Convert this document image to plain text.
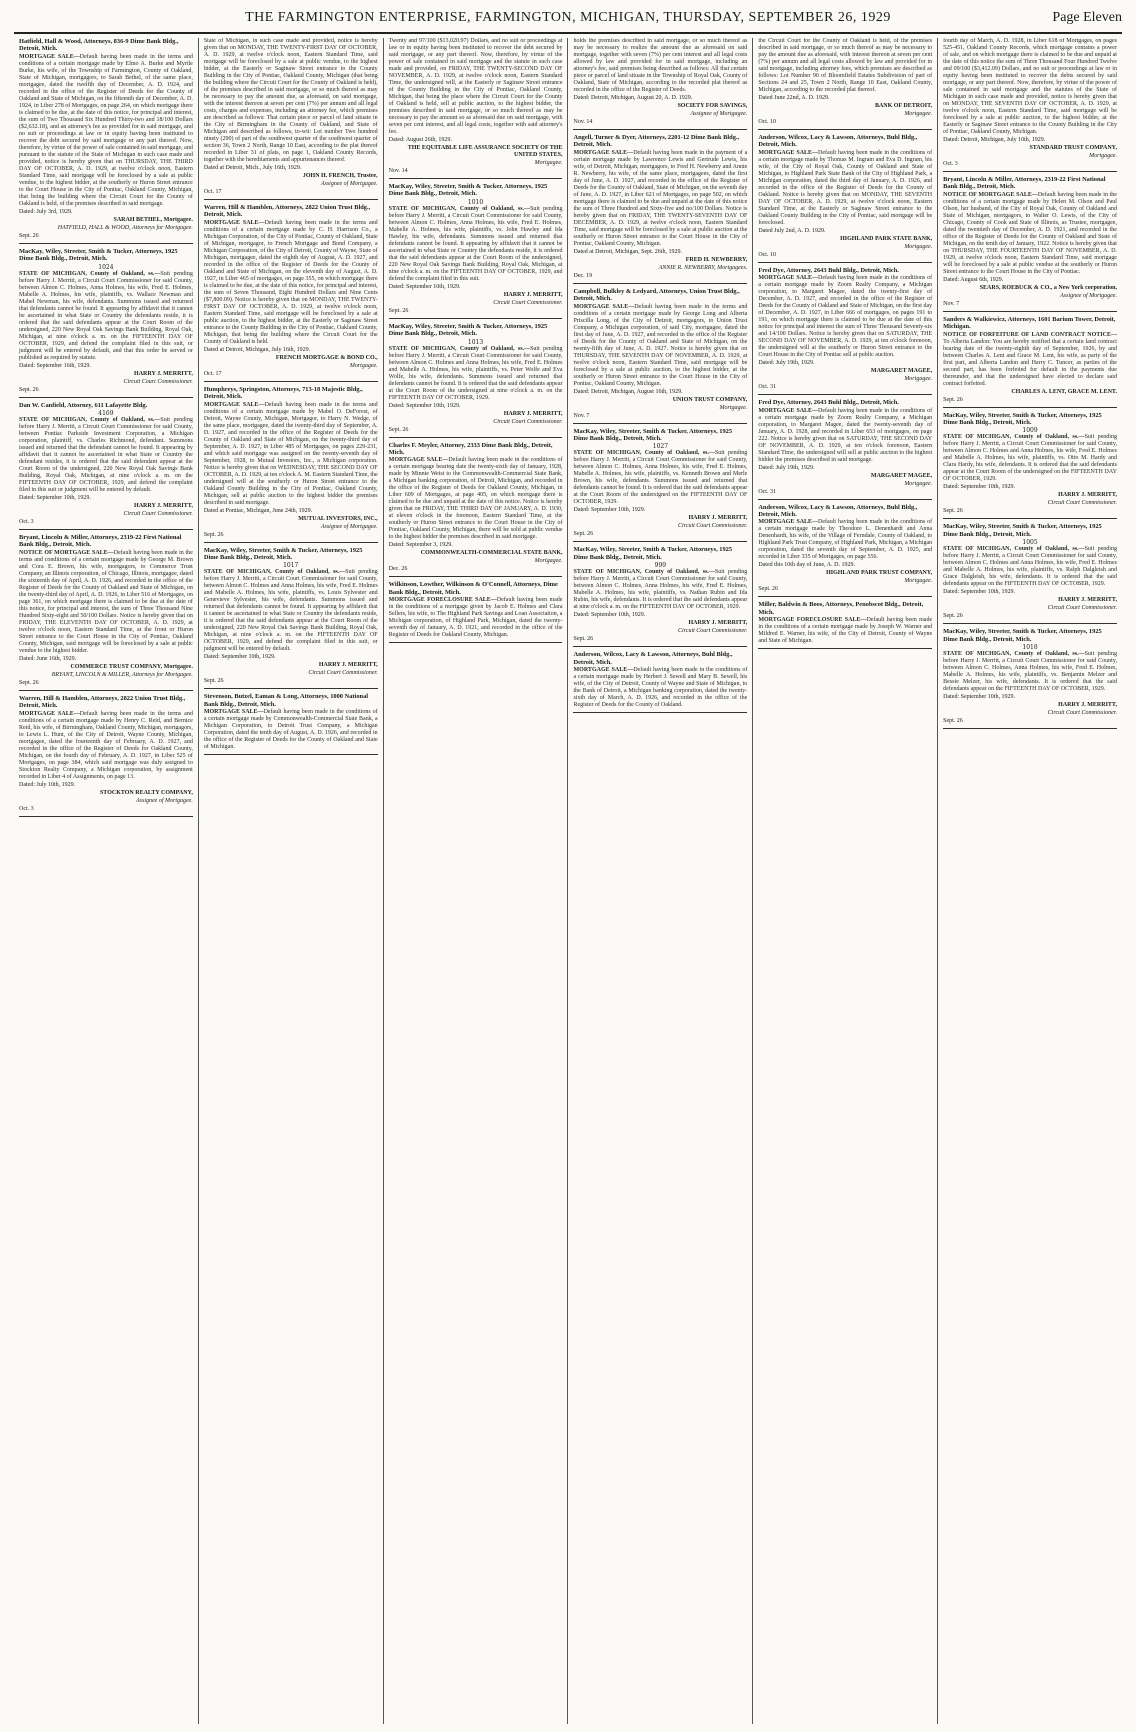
THE FARMINGTON ENTERPRISE, FARMINGTON, MICHIGAN, THURSDAY, SEPTEMBER 26, 1929	Page Eleven

Hatfield, Hall & Wood, Attorneys, 836-9 Dime Bank Bldg., Detroit, Mich.

MORTGAGE SALE—Default having been made in the terms and conditions of a certain mortgage made by Elmo A. Burke and Myrtle Burke, his wife, of the Township of Farmington, County of Oakland, State of Michigan, mortgagors, to Sarah Bethel, of the same place, mortgagee, dated the twelfth day of December, A. D. 1924, and recorded in the office of the Register of Deeds for the County of Oakland and State of Michigan, on the fifteenth day of December, A. D. 1924, in Liber 278 of Mortgages, on page 264, on which mortgage there is claimed to be due, at the date of this notice, for principal and interest, the sum of Two Thousand Six Hundred Thirty-two and 18/100 Dollars ($2,632.18), and an attorney's fee as provided for in said mortgage, and no suit or proceedings at law or in equity having been instituted to recover the debt secured by said mortgage or any part thereof. Now, therefore, by virtue of the power of sale contained in said mortgage, and pursuant to the statute of the State of Michigan in such case made and provided, notice is hereby given that on THURSDAY, THE THIRD DAY OF OCTOBER, A. D. 1929, at twelve o'clock noon, Eastern Standard Time, said mortgage will be foreclosed by a sale at public vendue, to the highest bidder, at the southerly or Huron Street entrance to the Court House in the City of Pontiac, Oakland County, Michigan, that being the building where the Circuit Court for the County of Oakland is held, of the premises described in said mortgage.

Dated: July 3rd, 1929.

SARAH BETHEL, Mortgagee.

HATFIELD, HALL & WOOD, Attorneys for Mortgagee.

Sept. 26

MacKay, Wiley, Streeter, Smith & Tucker, Attorneys, 1925 Dime Bank Bldg., Detroit, Mich.

1024

STATE OF MICHIGAN, County of Oakland, ss.—Suit pending before Harry J. Merritt, a Circuit Court Commissioner for said County, between Almon C. Holmes, Anna Holmes, his wife, Fred E. Holmes, Mabelle A. Holmes, his wife, plaintiffs, vs. Wallace Newman and Mabel Newman, his wife, defendants. Summons issued and returned that defendants cannot be found. It appearing by affidavit that it cannot be ascertained in what State or Country the defendants reside, it is ordered that the said defendants appear at the Court Room of the undersigned, 220 New Royal Oak Savings Bank Building, Royal Oak, Michigan, at nine o'clock a. m. on the FIFTEENTH DAY OF OCTOBER, 1929, and defend the complaint filed in this suit, or judgment will be entered by default, and that this order be served or published as required by statute.

Dated: September 16th, 1929.

HARRY J. MERRITT,

Circuit Court Commissioner.

Sept. 26

Dan W. Canfield, Attorney, 611 Lafayette Bldg.

4169

STATE OF MICHIGAN, County of Oakland, ss.—Suit pending before Harry J. Merritt, a Circuit Court Commissioner for said County, between Pontiac Parkside Investment Corporation, a Michigan corporation, plaintiff, vs. Charles Richmond, defendant. Summons issued and returned that the defendant cannot be found. It appearing by affidavit that it cannot be ascertained in what State or Country the defendant resides, it is ordered that the said defendant appear at the Court Room of the undersigned, 220 New Royal Oak Savings Bank Building, Royal Oak, Michigan, at nine o'clock a. m. on the FIFTEENTH DAY OF OCTOBER, 1929, and defend the complaint filed in this suit or judgment will be entered by default.

Dated: September 10th, 1929.

HARRY J. MERRITT,

Circuit Court Commissioner.

Oct. 3

Bryant, Lincoln & Miller, Attorneys, 2319-22 First National Bank Bldg., Detroit, Mich.

NOTICE OF MORTGAGE SALE—Default having been made in the terms and conditions of a certain mortgage made by George M. Brown and Cora E. Brown, his wife, mortgagors, to Commerce Trust Company, an Illinois corporation, of Chicago, Illinois, mortgagee, dated the sixteenth day of April, A. D. 1926, and recorded in the office of the Register of Deeds for the County of Oakland and State of Michigan, on the twenty-third day of April, A. D. 1926, in Liber 516 of Mortgages, on page 361, on which mortgage there is claimed to be due at the date of this notice, for principal and interest, the sum of Three Thousand Nine Hundred Sixty-eight and 50/100 Dollars. Notice is hereby given that on FRIDAY, THE ELEVENTH DAY OF OCTOBER, A. D. 1929, at twelve o'clock noon, Eastern Standard Time, at the front or Huron Street entrance to the Court House in the City of Pontiac, Oakland County, Michigan, said mortgage will be foreclosed by a sale at public vendue to the highest bidder.

Dated: June 16th, 1929.

COMMERCE TRUST COMPANY, Mortgagee.

BRYANT, LINCOLN & MILLER, Attorneys for Mortgagee.

Sept. 26

Warren, Hill & Hamblen, Attorneys, 2822 Union Trust Bldg., Detroit, Mich.

MORTGAGE SALE—Default having been made in the terms and conditions of a certain mortgage made by Henry C. Reid, and Bernice Reid, his wife, of Birmingham, Oakland County, Michigan, mortgagors, to Lewis L. Hunt, of the City of Detroit, Wayne County, Michigan, mortgagee, dated the fourteenth day of February, A. D. 1927, and recorded in the office of the Register of Deeds for Oakland County, Michigan, on the fourth day of February, A. D. 1927, in Liber 525 of Mortgages, on page 384, which said mortgage was duly assigned to Stockton Realty Company, a Michigan corporation, by assignment recorded in Liber 4 of Assignments, on page 13.

Dated: July 10th, 1929.

STOCKTON REALTY COMPANY,

Assignee of Mortgagee.

Oct. 3

State of Michigan, in such case made and provided, notice is hereby given that on MONDAY, THE TWENTY-FIRST DAY OF OCTOBER, A. D. 1929, at twelve o'clock noon, Eastern Standard Time, said mortgage will be foreclosed by a sale at public vendue, to the highest bidder, at the Easterly or Saginaw Street entrance to the County Building in the City of Pontiac, Oakland County, Michigan (that being the building where the Circuit Court for the County of Oakland is held), of the premises described in said mortgage, or so much thereof as may be necessary to pay the amount due, as aforesaid, on said mortgage, with the interest thereon at seven per cent (7%) per annum and all legal costs, charges and expenses, including an attorney fee, which premises are described as follows: That certain piece or parcel of land situate in the City of Birmingham in the County of Oakland, and State of Michigan and described as follows, to-wit: Lot number Two hundred ninety (290) of part of the southwest quarter of the southwest quarter of section 36, Town 2 North, Range 10 East, according to the plat thereof recorded in Liber 31 of plats, on page 1, Oakland County Records, together with the hereditaments and appurtenances thereof.

Dated at Detroit, Mich., July 16th, 1929.

JOHN H. FRENCH, Trustee,

Assignee of Mortgagee.

Oct. 17

Warren, Hill & Hamblen, Attorneys, 2822 Union Trust Bldg., Detroit, Mich.

MORTGAGE SALE—Default having been made in the terms and conditions of a certain mortgage made by C. H. Harrison Co., a Michigan Corporation, of the City of Pontiac, County of Oakland, State of Michigan, mortgagor, to French Mortgage and Bond Company, a Michigan Corporation, of the City of Detroit, County of Wayne, State of Michigan, mortgagee, dated the eighth day of August, A. D. 1927, and recorded in the office of the Register of Deeds for the County of Oakland and State of Michigan, on the eleventh day of August, A. D. 1927, in Liber 465 of mortgages, on page 355, on which mortgage there is claimed to be due, at the date of this notice, for principal and interest, the sum of Seven Thousand, Eight Hundred Dollars and Nine Cents ($7,800.09). Notice is hereby given that on MONDAY, THE TWENTY-FIRST DAY OF OCTOBER, A. D. 1929, at twelve o'clock noon, Eastern Standard Time, said mortgage will be foreclosed by a sale at public auction, to the highest bidder, at the Easterly or Saginaw Street entrance to the County Building in the City of Pontiac, Oakland County, Michigan, that being the building where the Circuit Court for the County of Oakland is held.

Dated at Detroit, Michigan, July 16th, 1929.

FRENCH MORTGAGE & BOND CO.,

Mortgagee.

Oct. 17

Humphreys, Springston, Attorneys, 713-18 Majestic Bldg., Detroit, Mich.

MORTGAGE SALE—Default having been made in the terms and conditions of a certain mortgage made by Mabel O. DeForest, of Detroit, Wayne County, Michigan, Mortgagor, to Harry N. Wedge, of the same place, mortgagee, dated the twenty-third day of September, A. D. 1927, and recorded in the office of the Register of Deeds for the County of Oakland and State of Michigan, on the twenty-third day of September, A. D. 1927, in Liber 485 of Mortgages, on pages 229-231, and which said mortgage was assigned on the twenty-seventh day of September, 1928, to Mutual Investors, Inc., a Michigan corporation. Notice is hereby given that on WEDNESDAY, THE SECOND DAY OF OCTOBER, A. D. 1929, at ten o'clock A. M. Eastern Standard Time, the undersigned will at the southerly or Huron Street entrance to the Oakland County Building in the City of Pontiac, Oakland County, Michigan, sell at public auction to the highest bidder the premises described in said mortgage.

Dated at Pontiac, Michigan, June 24th, 1929.

MUTUAL INVESTORS, INC.,

Assignee of Mortgagee.

Sept. 26

MacKay, Wiley, Streeter, Smith & Tucker, Attorneys, 1925 Dime Bank Bldg., Detroit, Mich.

1017

STATE OF MICHIGAN, County of Oakland, ss.—Suit pending before Harry J. Merritt, a Circuit Court Commissioner for said County, between Almon C. Holmes and Anna Holmes, his wife, Fred E. Holmes and Mabelle A. Holmes, his wife, plaintiffs, vs. Louis Sylvester and Genevieve Sylvester, his wife, defendants. Summons issued and returned that defendants cannot be found. It appearing by affidavit that it cannot be ascertained in what State or Country the defendants reside, it is ordered that the said defendants appear at the Court Room of the undersigned, 220 New Royal Oak Savings Bank Building, Royal Oak, Michigan, at nine o'clock a. m. on the FIFTEENTH DAY OF OCTOBER, 1929, and defend the complaint filed in this suit, or judgment will be entered by default.

Dated: September 10th, 1929.

HARRY J. MERRITT,

Circuit Court Commissioner.

Sept. 26

Stevenson, Butzel, Eaman & Long, Attorneys, 1000 National Bank Bldg., Detroit, Mich.

MORTGAGE SALE—Default having been made in the conditions of a certain mortgage made by Commonwealth-Commercial State Bank, a Michigan Corporation, to Detroit Trust Company, a Michigan Corporation, dated the tenth day of August, A. D. 1926, and recorded in the office of the Register of Deeds for the County of Oakland and State of Michigan.

Twenty and 97/100 ($13,020.97) Dollars, and no suit or proceedings at law or in equity having been instituted to recover the debt secured by said mortgage, or any part thereof. Now, therefore, by virtue of the power of sale contained in said mortgage and the statute in such case made and provided, on FRIDAY, THE TWENTY-SECOND DAY OF NOVEMBER, A. D. 1929, at twelve o'clock noon, Eastern Standard Time, the undersigned will, at the Easterly or Saginaw Street entrance of the County Building in the City of Pontiac, Oakland County, Michigan, that being the place where the Circuit Court for the County of Oakland is held, sell at public auction, to the highest bidder, the premises described in said mortgage, or so much thereof as may be necessary to pay the amount so as aforesaid due on said mortgage, with seven per cent interest, and all legal costs, together with said attorney's fee.

Dated: August 26th, 1929.

THE EQUITABLE LIFE ASSURANCE SOCIETY OF THE UNITED STATES,

Mortgagee.

Nov. 14

MacKay, Wiley, Streeter, Smith & Tucker, Attorneys, 1925 Dime Bank Bldg., Detroit, Mich.

1010

STATE OF MICHIGAN, County of Oakland, ss.—Suit pending before Harry J. Merritt, a Circuit Court Commissioner for said County, between Almon C. Holmes, Anna Holmes, his wife, Fred E. Holmes, Mabelle A. Holmes, his wife, plaintiffs, vs. John Hawley and Ida Hawley, his wife, defendants. Summons issued and returned that defendants cannot be found. It appearing by affidavit that it cannot be ascertained in what State or Country the defendants reside, it is ordered that the said defendants appear at the Court Room of the undersigned, 220 New Royal Oak Savings Bank Building, Royal Oak, Michigan, at nine o'clock a. m. on the FIFTEENTH DAY OF OCTOBER, 1929, and defend the complaint filed in this suit.

Dated: September 10th, 1929.

HARRY J. MERRITT,

Circuit Court Commissioner.

Sept. 26

MacKay, Wiley, Streeter, Smith & Tucker, Attorneys, 1925 Dime Bank Bldg., Detroit, Mich.

1013

STATE OF MICHIGAN, County of Oakland, ss.—Suit pending before Harry J. Merritt, a Circuit Court Commissioner for said County, between Almon C. Holmes and Anna Holmes, his wife, Fred E. Holmes and Mabelle A. Holmes, his wife, plaintiffs, vs. Peter Wolfe and Eva Wolfe, his wife, defendants. Summons issued and returned that defendants cannot be found. It is ordered that the said defendants appear at the Court Room of the undersigned at nine o'clock a. m. on the FIFTEENTH DAY OF OCTOBER, 1929.

Dated: September 10th, 1929.

HARRY J. MERRITT,

Circuit Court Commissioner.

Sept. 26

Charles F. Meyler, Attorney, 2333 Dime Bank Bldg., Detroit, Mich.

MORTGAGE SALE—Default having been made in the conditions of a certain mortgage bearing date the twenty-sixth day of January, 1928, made by Minnie Weist to the Commonwealth-Commercial State Bank, a Michigan banking corporation, of Detroit, Michigan, and recorded in the office of the Register of Deeds for Oakland County, Michigan, in Liber 609 of Mortgages, at page 405, on which mortgage there is claimed to be due and unpaid at the date of this notice. Notice is hereby given that on FRIDAY, THE THIRD DAY OF JANUARY, A. D. 1930, at eleven o'clock in the forenoon, Eastern Standard Time, at the southerly or Huron Street entrance to the Court House in the City of Pontiac, Oakland County, Michigan, there will be sold at public vendue to the highest bidder the premises described in said mortgage.

Dated: September 3, 1929.

COMMONWEALTH-COMMERCIAL STATE BANK,

Mortgagee.

Dec. 26

Wilkinson, Lowther, Wilkinson & O'Connell, Attorneys, Dime Bank Bldg., Detroit, Mich.

MORTGAGE FORECLOSURE SALE—Default having been made in the conditions of a mortgage given by Jacob E. Holmes and Clara Sellers, his wife, to The Highland Park Savings and Loan Association, a Michigan corporation, of Highland Park, Michigan, dated the twenty-seventh day of January, A. D. 1921, and recorded in the office of the Register of Deeds for Oakland County, Michigan.

holds the premises described in said mortgage, or so much thereof as may be necessary to realize the amount due as aforesaid on said mortgage, together with seven (7%) per cent interest and all legal costs allowed by law and provided for in said mortgage, including an attorney's fee, said premises being described as follows: All that certain piece or parcel of land situate in the Township of Royal Oak, County of Oakland, State of Michigan, according to the recorded plat thereof as recorded in the office of the Register of Deeds.

Dated: Detroit, Michigan, August 20, A. D. 1929.

SOCIETY FOR SAVINGS,

Assignee of Mortgagee.

Nov. 14

Angell, Turner & Dyer, Attorneys, 2201-12 Dime Bank Bldg., Detroit, Mich.

MORTGAGE SALE—Default having been made in the payment of a certain mortgage made by Lawrence Lewis and Gertrude Lewis, his wife, of Detroit, Michigan, mortgagors, to Fred H. Newberry and Annie R. Newberry, his wife, of the same place, mortgagees, dated the first day of June, A. D. 1927, and recorded in the office of the Register of Deeds for the County of Oakland, State of Michigan, on the seventh day of June, A. D. 1927, in Liber 621 of Mortgages, on page 502, on which mortgage there is claimed to be due and unpaid at the date of this notice the sum of Three Hundred and Sixty-five and no/100 Dollars. Notice is hereby given that on FRIDAY, THE TWENTY-SEVENTH DAY OF DECEMBER, A. D. 1929, at twelve o'clock noon, Eastern Standard Time, said mortgage will be foreclosed by a sale at public auction at the southerly or Huron Street entrance to the Court House in the City of Pontiac, Oakland County, Michigan.

Dated at Detroit, Michigan, Sept. 26th, 1929.

FRED H. NEWBERRY,

ANNIE R. NEWBERRY, Mortgagees.

Dec. 19

Campbell, Bulkley & Ledyard, Attorneys, Union Trust Bldg., Detroit, Mich.

MORTGAGE SALE—Default having been made in the terms and conditions of a certain mortgage made by George Long and Alberta Priscilla Long, of the City of Detroit, mortgagors, to Union Trust Company, a Michigan corporation, of said City, mortgagee, dated the first day of June, A. D. 1927, and recorded in the office of the Register of Deeds for the County of Oakland and State of Michigan, on the twenty-fifth day of June, A. D. 1927. Notice is hereby given that on THURSDAY, THE SEVENTH DAY OF NOVEMBER, A. D. 1929, at twelve o'clock noon, Eastern Standard Time, said mortgage will be foreclosed by a sale at public auction, to the highest bidder, at the southerly or Huron Street entrance to the Court House in the City of Pontiac, Oakland County, Michigan.

Dated: Detroit, Michigan, August 16th, 1929.

UNION TRUST COMPANY,

Mortgagee.

Nov. 7

MacKay, Wiley, Streeter, Smith & Tucker, Attorneys, 1925 Dime Bank Bldg., Detroit, Mich.

1027

STATE OF MICHIGAN, County of Oakland, ss.—Suit pending before Harry J. Merritt, a Circuit Court Commissioner for said County, between Almon C. Holmes, Anna Holmes, his wife, Fred E. Holmes, Mabelle A. Holmes, his wife, plaintiffs, vs. Kenneth Brown and Merle Brown, his wife, defendants. Summons issued and returned that defendants cannot be found. It is ordered that the said defendants appear at the Court Room of the undersigned on the FIFTEENTH DAY OF OCTOBER, 1929.

Dated: September 10th, 1929.

HARRY J. MERRITT,

Circuit Court Commissioner.

Sept. 26

MacKay, Wiley, Streeter, Smith & Tucker, Attorneys, 1925 Dime Bank Bldg., Detroit, Mich.

999

STATE OF MICHIGAN, County of Oakland, ss.—Suit pending before Harry J. Merritt, a Circuit Court Commissioner for said County, between Almon C. Holmes, Anna Holmes, his wife, Fred E. Holmes, Mabelle A. Holmes, his wife, plaintiffs, vs. Nathan Rubin and Ida Rubin, his wife, defendants. It is ordered that the said defendants appear at nine o'clock a. m. on the FIFTEENTH DAY OF OCTOBER, 1929.

Dated: September 10th, 1929.

HARRY J. MERRITT,

Circuit Court Commissioner.

Sept. 26

Anderson, Wilcox, Lacy & Lawson, Attorneys, Buhl Bldg., Detroit, Mich.

MORTGAGE SALE—Default having been made in the conditions of a certain mortgage made by Herbert J. Sewell and Mary B. Sewell, his wife, of the City of Detroit, County of Wayne and State of Michigan, to the Bank of Detroit, a Michigan banking corporation, dated the twenty-sixth day of March, A. D. 1926, and recorded in the office of the Register of Deeds for the County of Oakland.

the Circuit Court for the County of Oakland is held, of the premises described in said mortgage, or so much thereof as may be necessary to pay the amount due as aforesaid, with interest thereon at seven per cent (7%) per annum and all legal costs allowed by law and provided for in said mortgage, including attorney fees, which premises are described as follows: Lot Number 90 of Bloomfield Estates Subdivision of part of Sections 24 and 25, Town 2 North, Range 10 East, Oakland County, Michigan, according to the recorded plat thereof.

Dated June 22nd, A. D. 1929.

BANK OF DETROIT,

Mortgagee.

Oct. 10

Anderson, Wilcox, Lacy & Lawson, Attorneys, Buhl Bldg., Detroit, Mich.

MORTGAGE SALE—Default having been made in the conditions of a certain mortgage made by Thomas M. Ingram and Eva D. Ingram, his wife, of the City of Royal Oak, County of Oakland and State of Michigan, to Highland Park State Bank of the City of Highland Park, a Michigan corporation, dated the third day of January, A. D. 1926, and recorded in the office of the Register of Deeds for the County of Oakland. Notice is hereby given that on MONDAY, THE SEVENTH DAY OF OCTOBER, A. D. 1929, at twelve o'clock noon, Eastern Standard Time, at the Easterly or Saginaw Street entrance to the Oakland County Building in the City of Pontiac, said mortgage will be foreclosed.

Dated July 2nd, A. D. 1929.

HIGHLAND PARK STATE BANK,

Mortgagee.

Oct. 10

Fred Dye, Attorney, 2643 Buhl Bldg., Detroit, Mich.

MORTGAGE SALE—Default having been made in the conditions of a certain mortgage made by Zoom Realty Company, a Michigan corporation, to Margaret Magee, dated the twenty-first day of December, A. D. 1927, and recorded in the office of the Register of Deeds for the County of Oakland and State of Michigan, on the first day of December, A. D. 1927, in Liber 666 of mortgages, on pages 191 to 191, on which mortgage there is claimed to be due at the date of this notice for principal and interest the sum of Three Thousand Seventy-six and 14/100 Dollars. Notice is hereby given that on SATURDAY, THE SECOND DAY OF NOVEMBER, A. D. 1929, at ten o'clock forenoon, the undersigned will at the southerly or Huron Street entrance to the Court House in the City of Pontiac sell at public auction.

Dated: July 19th, 1929.

MARGARET MAGEE,

Mortgagee.

Oct. 31

Fred Dye, Attorney, 2643 Buhl Bldg., Detroit, Mich.

MORTGAGE SALE—Default having been made in the conditions of a certain mortgage made by Zoom Realty Company, a Michigan corporation, to Margaret Magee, dated the twenty-seventh day of January, A. D. 1928, and recorded in Liber 653 of mortgages, on page 222. Notice is hereby given that on SATURDAY, THE SECOND DAY OF NOVEMBER, A. D. 1929, at ten o'clock forenoon, Eastern Standard Time, the undersigned will sell at public auction to the highest bidder the premises described in said mortgage.

Dated: July 19th, 1929.

MARGARET MAGEE,

Mortgagee.

Oct. 31

Anderson, Wilcox, Lacy & Lawson, Attorneys, Buhl Bldg., Detroit, Mich.

MORTGAGE SALE—Default having been made in the conditions of a certain mortgage made by Theodore L. Denenhardt and Anna Denenhardt, his wife, of the Village of Ferndale, County of Oakland, to Highland Park Trust Company, of Highland Park, Michigan, a Michigan corporation, dated the seventh day of September, A. D. 1925, and recorded in Liber 335 of Mortgages, on page 556.

Dated this 10th day of June, A. D. 1929.

HIGHLAND PARK TRUST COMPANY,

Mortgagee.

Sept. 26

Miller, Baldwin & Boos, Attorneys, Penobscot Bldg., Detroit, Mich.

MORTGAGE FORECLOSURE SALE—Default having been made in the conditions of a certain mortgage made by Joseph W. Warner and Mildred E. Warner, his wife, of the City of Detroit, County of Wayne and State of Michigan.

fourth day of March, A. D. 1928, in Liber 618 of Mortgages, on pages 525-451, Oakland County Records, which mortgage contains a power of sale, and on which mortgage there is claimed to be due and unpaid at the date of this notice the sum of Three Thousand Four Hundred Twelve and 09/100 ($3,412.09) Dollars, and no suit or proceedings at law or in equity having been instituted to recover the debts secured by said mortgage, or any part thereof. Now, therefore, by virtue of the power of sale contained in said mortgage and the statutes of the State of Michigan in such case made and provided, notice is hereby given that on MONDAY, THE SEVENTH DAY OF OCTOBER, A. D. 1929, at twelve o'clock noon, Eastern Standard Time, said mortgage will be foreclosed by a sale at public auction, to the highest bidder, at the Easterly or Saginaw Street entrance to the County Building in the City of Pontiac, Oakland County, Michigan.

Dated: Detroit, Michigan, July 10th, 1929.

STANDARD TRUST COMPANY,

Mortgagee.

Oct. 3

Bryant, Lincoln & Miller, Attorneys, 2319-22 First National Bank Bldg., Detroit, Mich.

NOTICE OF MORTGAGE SALE—Default having been made in the conditions of a certain mortgage made by Helen M. Olson and Paul Olson, her husband, of the City of Royal Oak, County of Oakland and State of Michigan, mortgagors, to Walter O. Lewis, of the City of Chicago, County of Cook and State of Illinois, as Trustee, mortgagee, dated the twentieth day of December, A. D. 1921, and recorded in the office of the Register of Deeds for the County of Oakland and State of Michigan, on the tenth day of January, 1922. Notice is hereby given that on THURSDAY, THE FOURTEENTH DAY OF NOVEMBER, A. D. 1929, at twelve o'clock noon, Eastern Standard Time, said mortgage will be foreclosed by a sale at public vendue at the southerly or Huron Street entrance to the Court House in the City of Pontiac.

Dated: August 6th, 1929.

SEARS, ROEBUCK & CO., a New York corporation,

Assignee of Mortgagee.

Nov. 7

Sanders & Walkiewicz, Attorneys, 1601 Barium Tower, Detroit, Michigan.

NOTICE OF FORFEITURE OF LAND CONTRACT NOTICE—To Alberta Landon: You are hereby notified that a certain land contract bearing date of the twenty-eighth day of September, 1926, by and between Charles A. Lent and Grace M. Lent, his wife, as party of the first part, and Alberta Landon and Harry C. Tuncer, as parties of the second part, has been forfeited for default in the payments due thereunder, and that the undersigned have elected to declare said contract forfeited.

CHARLES A. LENT, GRACE M. LENT.

Sept. 26

MacKay, Wiley, Streeter, Smith & Tucker, Attorneys, 1925 Dime Bank Bldg., Detroit, Mich.

1009

STATE OF MICHIGAN, County of Oakland, ss.—Suit pending before Harry J. Merritt, a Circuit Court Commissioner for said County, between Almon C. Holmes and Anna Holmes, his wife, Fred E. Holmes and Mabelle A. Holmes, his wife, plaintiffs, vs. Otto M. Hardy and Clara Hardy, his wife, defendants. It is ordered that the said defendants appear at the Court Room of the undersigned on the FIFTEENTH DAY OF OCTOBER, 1929.

Dated: September 10th, 1929.

HARRY J. MERRITT,

Circuit Court Commissioner.

Sept. 26

MacKay, Wiley, Streeter, Smith & Tucker, Attorneys, 1925 Dime Bank Bldg., Detroit, Mich.

1005

STATE OF MICHIGAN, County of Oakland, ss.—Suit pending before Harry J. Merritt, a Circuit Court Commissioner for said County, between Almon C. Holmes and Anna Holmes, his wife, Fred E. Holmes and Mabelle A. Holmes, his wife, plaintiffs, vs. Ralph Dalgleish and Grace Dalgleish, his wife, defendants. It is ordered that the said defendants appear on the FIFTEENTH DAY OF OCTOBER, 1929.

Dated: September 10th, 1929.

HARRY J. MERRITT,

Circuit Court Commissioner.

Sept. 26

MacKay, Wiley, Streeter, Smith & Tucker, Attorneys, 1925 Dime Bank Bldg., Detroit, Mich.

1018

STATE OF MICHIGAN, County of Oakland, ss.—Suit pending before Harry J. Merritt, a Circuit Court Commissioner for said County, between Almon C. Holmes, Anna Holmes, his wife, Fred E. Holmes, Mabelle A. Holmes, his wife, plaintiffs, vs. Benjamin Melzer and Bessie Melzer, his wife, defendants. It is ordered that the said defendants appear on the FIFTEENTH DAY OF OCTOBER, 1929.

Dated: September 10th, 1929.

HARRY J. MERRITT,

Circuit Court Commissioner.

Sept. 26
